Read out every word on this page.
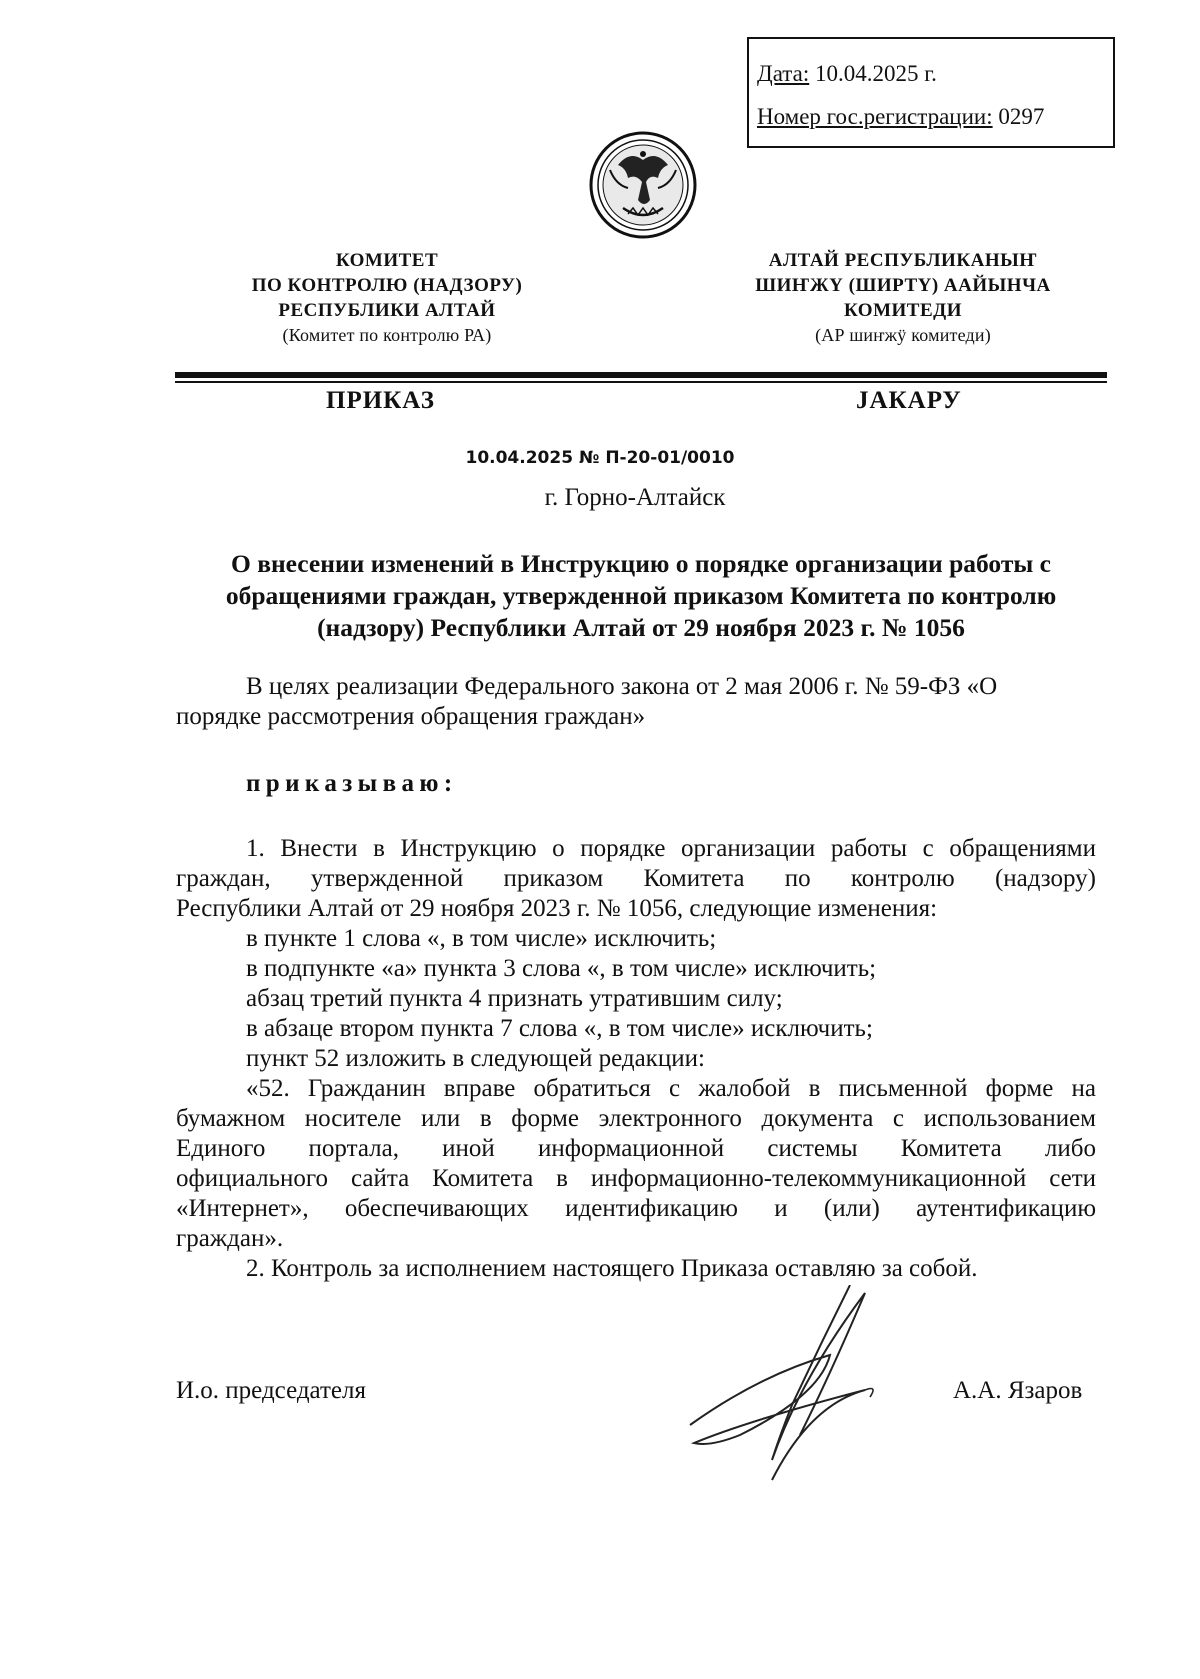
Дата: 10.04.2025 г.
Номер гос.регистрации: 0297
КОМИТЕТ
ПО КОНТРОЛЮ (НАДЗОРУ)
РЕСПУБЛИКИ АЛТАЙ
(Комитет по контролю РА)
АЛТАЙ РЕСПУБЛИКАНЫҤ
ШИҤЖҮ (ШИРТҮ) ААЙЫНЧА
КОМИТЕДИ
(АР шиҥжӱ комитеди)
ПРИКАЗ	ЈАКАРУ
10.04.2025 № П-20-01/0010
г. Горно-Алтайск
О внесении изменений в Инструкцию о порядке организации работы с
обращениями граждан, утвержденной приказом Комитета по контролю
(надзору) Республики Алтай от 29 ноября 2023 г. № 1056
В целях реализации Федерального закона от 2 мая 2006 г. № 59-ФЗ «О
порядке рассмотрения обращения граждан»
приказываю:
1. Внести в Инструкцию о порядке организации работы с обращениями
граждан, утвержденной приказом Комитета по контролю (надзору)
Республики Алтай от 29 ноября 2023 г. № 1056, следующие изменения:
в пункте 1 слова «, в том числе» исключить;
в подпункте «а» пункта 3 слова «, в том числе» исключить;
абзац третий пункта 4 признать утратившим силу;
в абзаце втором пункта 7 слова «, в том числе» исключить;
пункт 52 изложить в следующей редакции:
«52. Гражданин вправе обратиться с жалобой в письменной форме на
бумажном носителе или в форме электронного документа с использованием
Единого портала, иной информационной системы Комитета либо
официального сайта Комитета в информационно-телекоммуникационной сети
«Интернет», обеспечивающих идентификацию и (или) аутентификацию
граждан».
2. Контроль за исполнением настоящего Приказа оставляю за собой.
И.о. председателя	А.А. Язаров
